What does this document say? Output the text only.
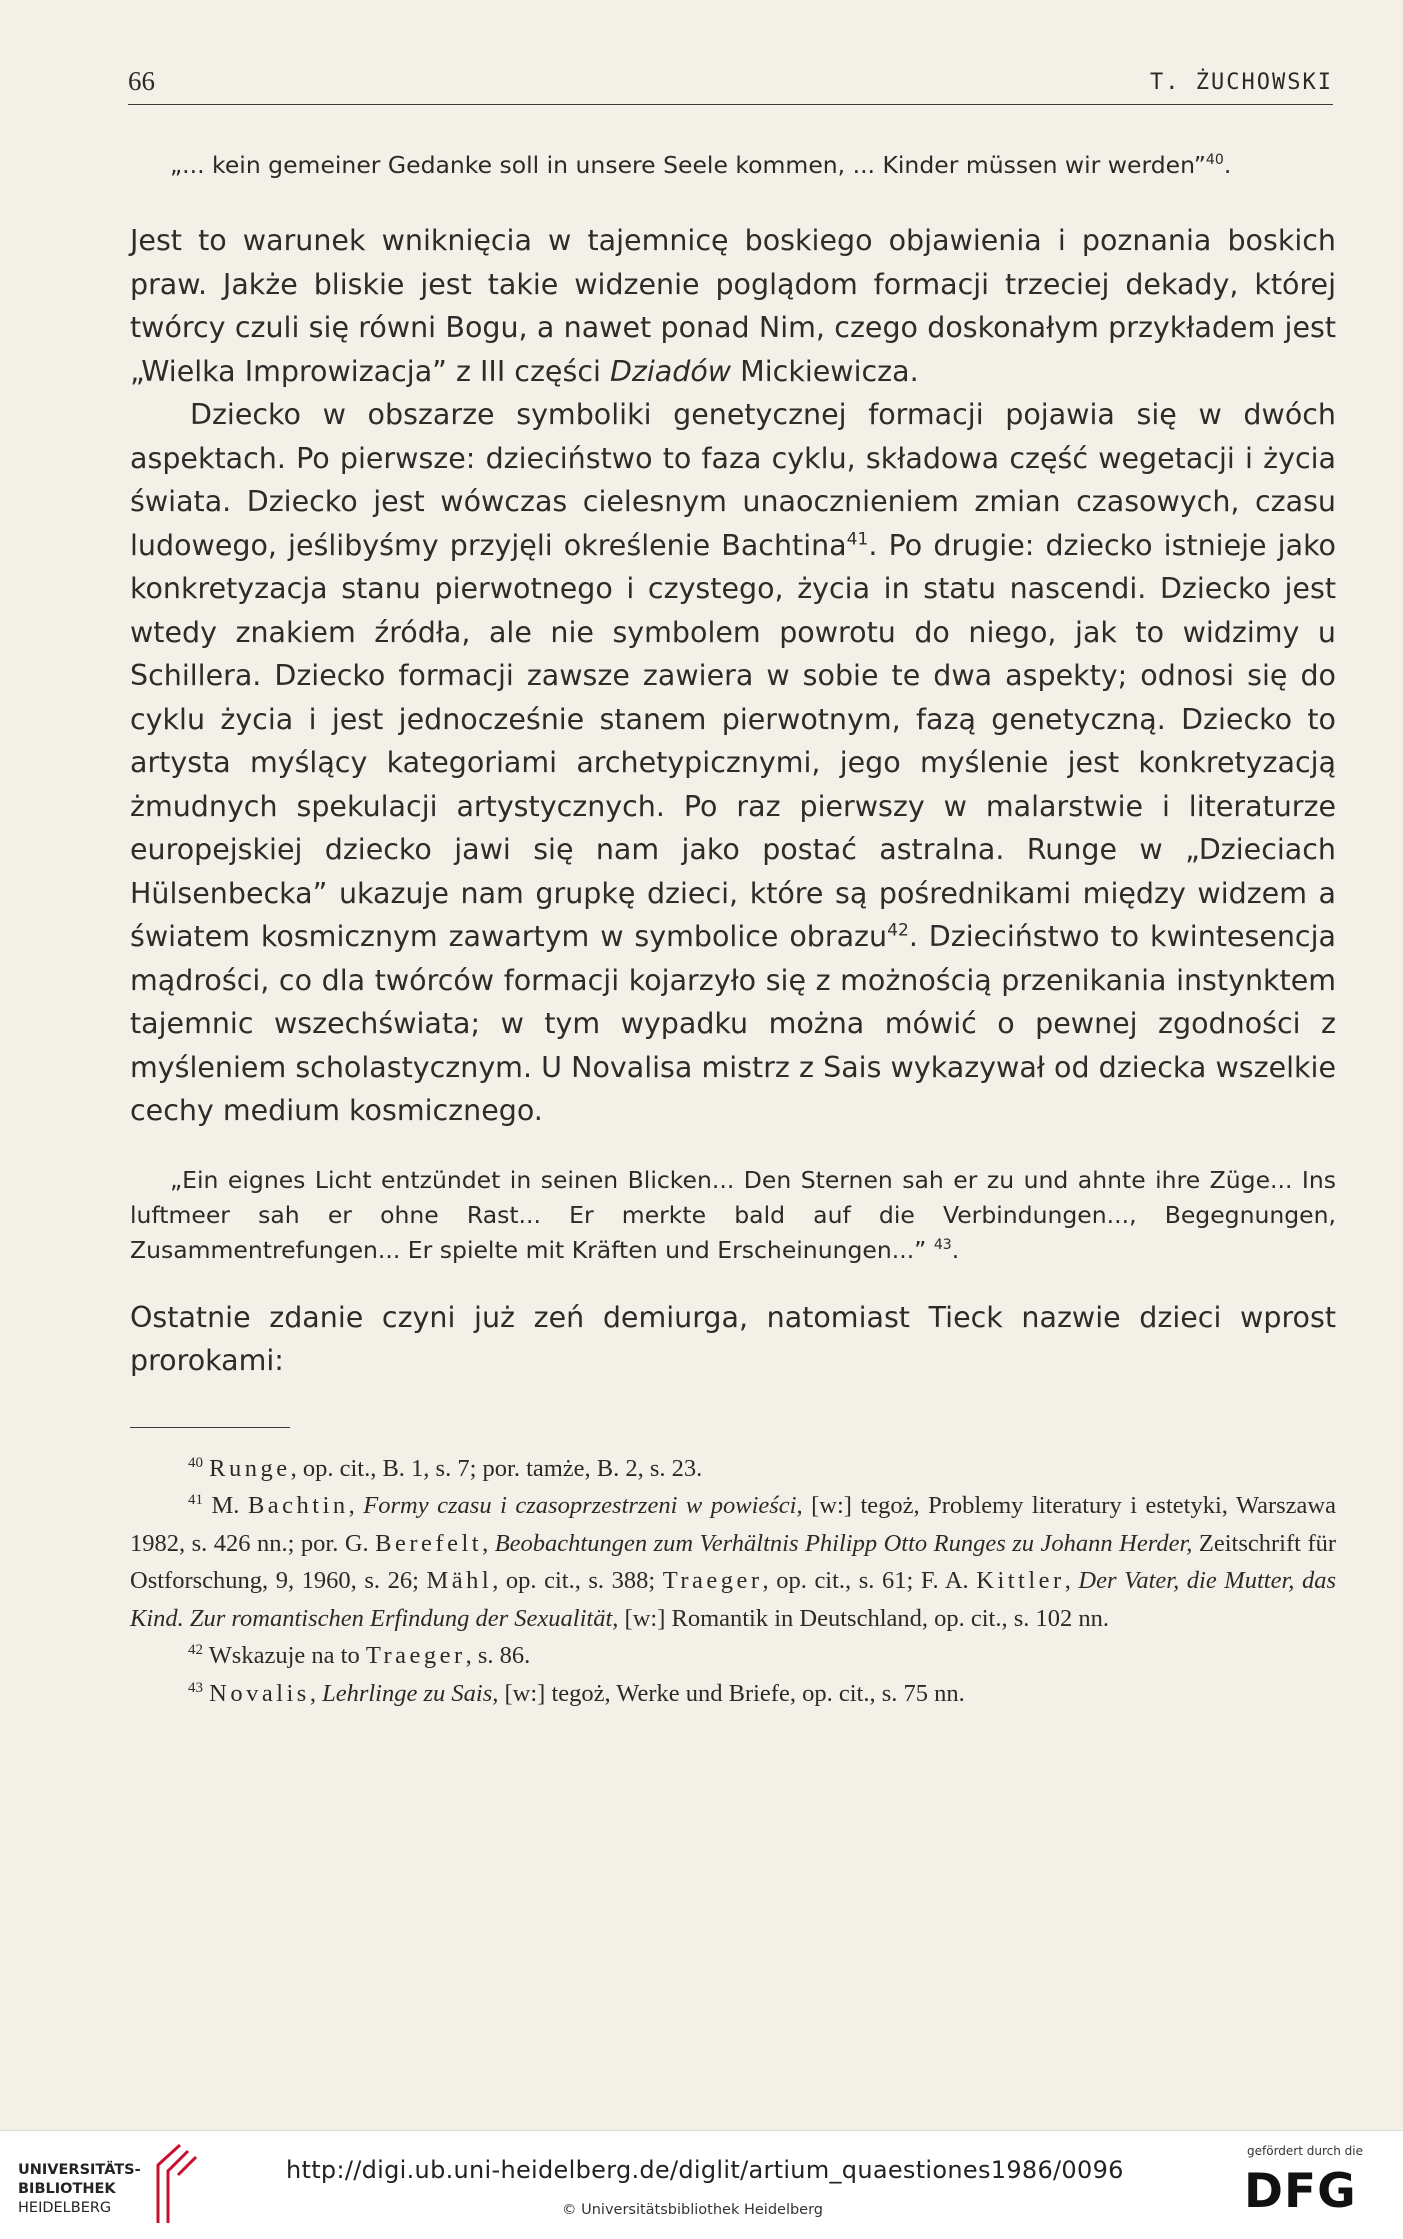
66	T. ŻUCHOWSKI

„... kein gemeiner Gedanke soll in unsere Seele kommen, ... Kinder müssen wir werden”$^{40}$.

Jest to warunek wniknięcia w tajemnicę boskiego objawienia i poznania boskich praw. Jakże bliskie jest takie widzenie poglądom formacji trzeciej dekady, której twórcy czuli się równi Bogu, a nawet ponad Nim, czego doskonałym przykładem jest „Wielka Improwizacja” z III części Dziadów Mickiewicza.

Dziecko w obszarze symboliki genetycznej formacji pojawia się w dwóch aspektach. Po pierwsze: dzieciństwo to faza cyklu, składowa część wegetacji i życia świata. Dziecko jest wówczas cielesnym unaocznieniem zmian czasowych, czasu ludowego, jeślibyśmy przyjęli określenie Bachtina$^{41}$. Po drugie: dziecko istnieje jako konkretyzacja stanu pierwotnego i czystego, życia in statu nascendi. Dziecko jest wtedy znakiem źródła, ale nie symbolem powrotu do niego, jak to widzimy u Schillera. Dziecko formacji zawsze zawiera w sobie te dwa aspekty; odnosi się do cyklu życia i jest jednocześnie stanem pierwotnym, fazą genetyczną. Dziecko to artysta myślący kategoriami archetypicznymi, jego myślenie jest konkretyzacją żmudnych spekulacji artystycznych. Po raz pierwszy w malarstwie i literaturze europejskiej dziecko jawi się nam jako postać astralna. Runge w „Dzieciach Hülsenbecka” ukazuje nam grupkę dzieci, które są pośrednikami między widzem a światem kosmicznym zawartym w symbolice obrazu$^{42}$. Dzieciństwo to kwintesencja mądrości, co dla twórców formacji kojarzyło się z możnością przenikania instynktem tajemnic wszechświata; w tym wypadku można mówić o pewnej zgodności z myśleniem scholastycznym. U Novalisa mistrz z Sais wykazywał od dziecka wszelkie cechy medium kosmicznego.

„Ein eignes Licht entzündet in seinen Blicken... Den Sternen sah er zu und ahnte ihre Züge... Ins luftmeer sah er ohne Rast... Er merkte bald auf die Verbindungen..., Begegnungen, Zusammentrefungen... Er spielte mit Kräften und Erscheinungen...” $^{43}$.

Ostatnie zdanie czyni już zeń demiurga, natomiast Tieck nazwie dzieci wprost prorokami:

$^{40}$ Runge, op. cit., B. 1, s. 7; por. tamże, B. 2, s. 23.

$^{41}$ M. Bachtin, Formy czasu i czasoprzestrzeni w powieści, [w:] tegoż, Problemy literatury i estetyki, Warszawa 1982, s. 426 nn.; por. G. Berefelt, Beobachtungen zum Verhältnis Philipp Otto Runges zu Johann Herder, Zeitschrift für Ostforschung, 9, 1960, s. 26; Mähl, op. cit., s. 388; Traeger, op. cit., s. 61; F. A. Kittler, Der Vater, die Mutter, das Kind. Zur romantischen Erfindung der Sexualität, [w:] Romantik in Deutschland, op. cit., s. 102 nn.

$^{42}$ Wskazuje na to Traeger, s. 86.

$^{43}$ Novalis, Lehrlinge zu Sais, [w:] tegoż, Werke und Briefe, op. cit., s. 75 nn.

UNIVERSITÄTS-
BIBLIOTHEK
HEIDELBERG
http://digi.ub.uni-heidelberg.de/diglit/artium_quaestiones1986/0096
© Universitätsbibliothek Heidelberg
gefördert durch die
DFG
